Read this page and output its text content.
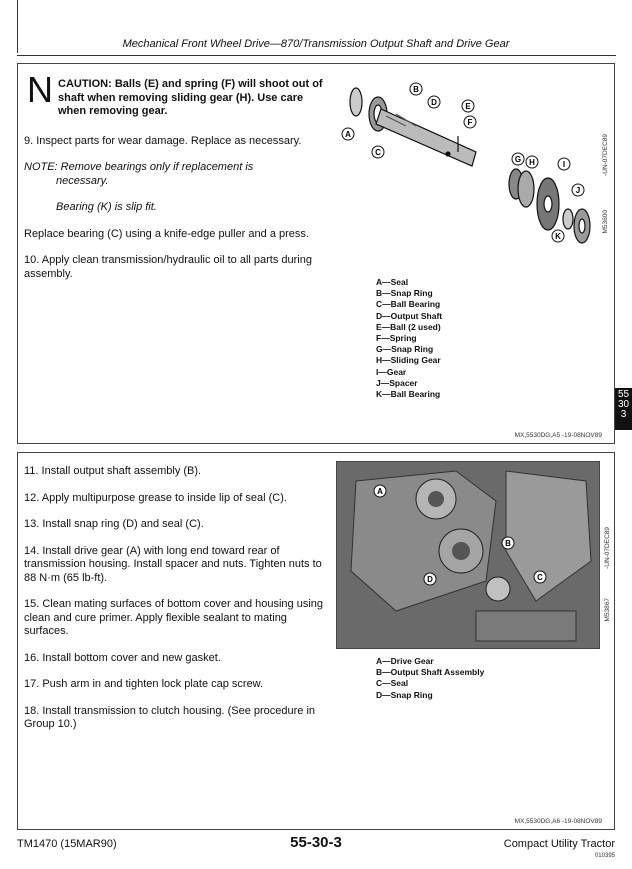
Mechanical Front Wheel Drive—870/Transmission Output Shaft and Drive Gear

N CAUTION: Balls (E) and spring (F) will shoot out of shaft when removing sliding gear (H). Use care when removing gear.

9. Inspect parts for wear damage. Replace as necessary.

NOTE: Remove bearings only if replacement is

necessary.

Bearing (K) is slip fit.

Replace bearing (C) using a knife-edge puller and a press.

10. Apply clean transmission/hydraulic oil to all parts during assembly.

A
B
C
D	E
F
G H	I
J
K
-UN-07DEC89
M53600
A—Seal
B—Snap Ring
C—Ball Bearing
D—Output Shaft
E—Ball (2 used)
F—Spring
G—Snap Ring
H—Sliding Gear
I—Gear
J—Spacer
K—Ball Bearing
MX,5530DG,A5 -19-08NOV89
55
30
3

11. Install output shaft assembly (B).

12. Apply multipurpose grease to inside lip of seal (C).

13. Install snap ring (D) and seal (C).

14. Install drive gear (A) with long end toward rear of transmission housing. Install spacer and nuts. Tighten nuts to 88 N·m (65 lb-ft).

15. Clean mating surfaces of bottom cover and housing using clean and cure primer. Apply flexible sealant to mating surfaces.

16. Install bottom cover and new gasket.

17. Push arm in and tighten lock plate cap screw.

18. Install transmission to clutch housing. (See procedure in Group 10.)

A
B
C
D
-UN-07DEC89
M53867
A—Drive Gear
B—Output Shaft Assembly
C—Seal
D—Snap Ring
MX,5530DG,A6 -19-08NOV89
TM1470 (15MAR90)	55-30-3	Compact Utility Tractor
010395
